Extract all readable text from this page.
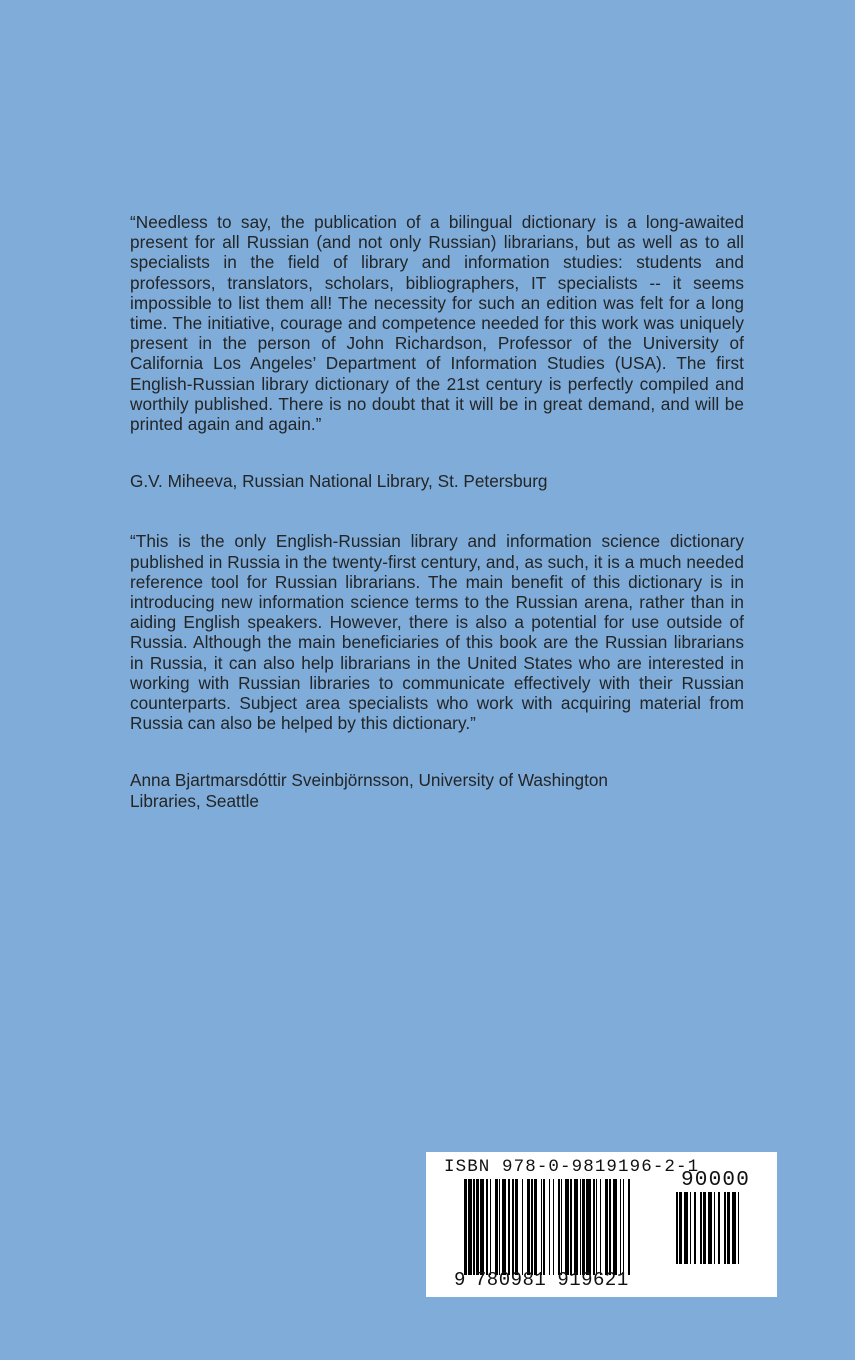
“Needless to say, the publication of a bilingual dictionary is a long-awaited present for all Russian (and not only Russian) librarians, but as well as to all specialists in the field of library and information studies: students and professors, translators, scholars, bibliographers, IT specialists -- it seems impossible to list them all! The necessity for such an edition was felt for a long time. The initiative, courage and competence needed for this work was uniquely present in the person of John Richardson, Professor of the University of California Los Angeles’ Department of Information Studies (USA). The first English-Russian library dictionary of the 21st century is perfectly compiled and worthily published. There is no doubt that it will be in great demand, and will be printed again and again.”

G.V. Miheeva, Russian National Library, St. Petersburg

“This is the only English-Russian library and information science dictionary published in Russia in the twenty-first century, and, as such, it is a much needed reference tool for Russian librarians. The main benefit of this dictionary is in introducing new information science terms to the Russian arena, rather than in aiding English speakers. However, there is also a potential for use outside of Russia. Although the main beneficiaries of this book are the Russian librarians in Russia, it can also help librarians in the United States who are interested in working with Russian libraries to communicate effectively with their Russian counterparts. Subject area specialists who work with acquiring material from Russia can also be helped by this dictionary.”

Anna Bjartmarsdóttir Sveinbjörnsson, University of Washington
Libraries, Seattle

ISBN 978-0-9819196-2-1
90000
9 780981 919621
